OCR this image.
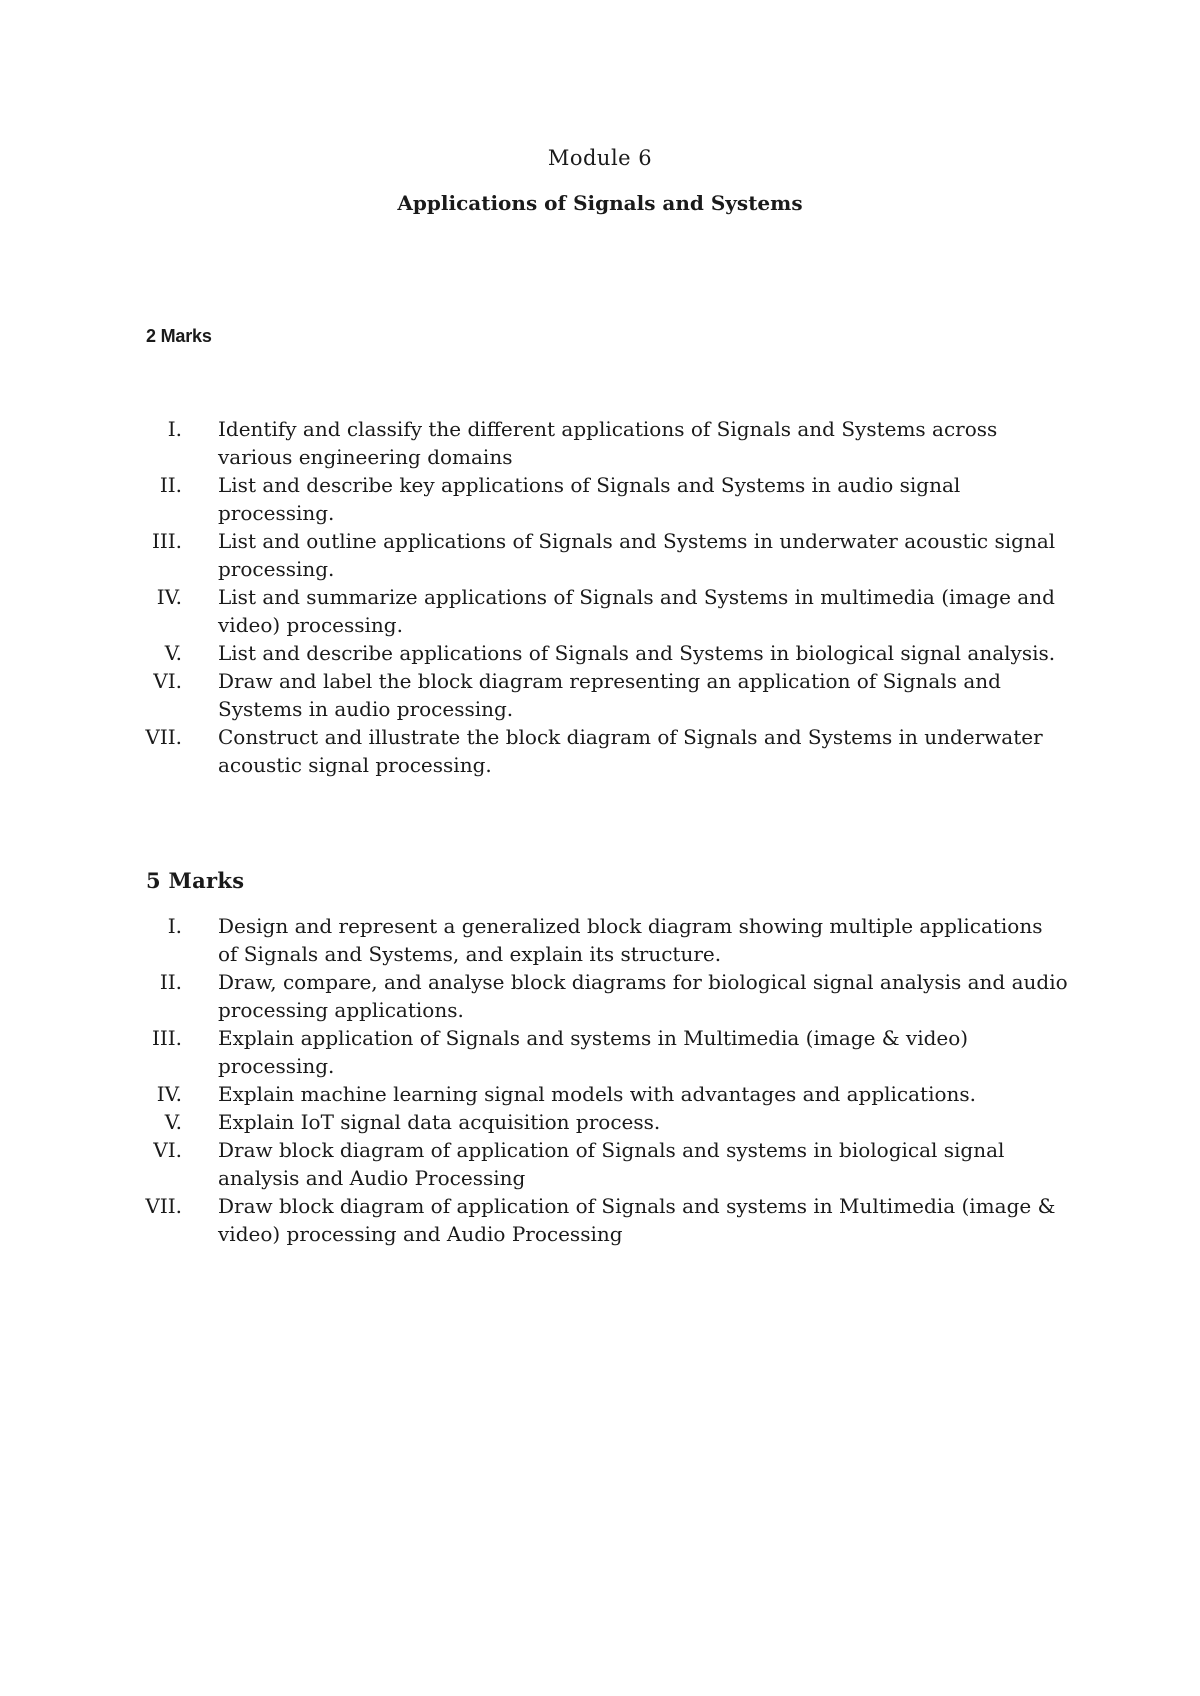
Module 6
Applications of Signals and Systems
2 Marks
I. Identify and classify the different applications of Signals and Systems across various engineering domains
II. List and describe key applications of Signals and Systems in audio signal processing.
III. List and outline applications of Signals and Systems in underwater acoustic signal processing.
IV. List and summarize applications of Signals and Systems in multimedia (image and video) processing.
V. List and describe applications of Signals and Systems in biological signal analysis.
VI. Draw and label the block diagram representing an application of Signals and Systems in audio processing.
VII. Construct and illustrate the block diagram of Signals and Systems in underwater acoustic signal processing.
5 Marks
I. Design and represent a generalized block diagram showing multiple applications of Signals and Systems, and explain its structure.
II. Draw, compare, and analyse block diagrams for biological signal analysis and audio processing applications.
III. Explain application of Signals and systems in Multimedia (image & video) processing.
IV. Explain machine learning signal models with advantages and applications.
V. Explain IoT signal data acquisition process.
VI. Draw block diagram of application of Signals and systems in biological signal analysis and Audio Processing
VII. Draw block diagram of application of Signals and systems in Multimedia (image & video) processing and Audio Processing
